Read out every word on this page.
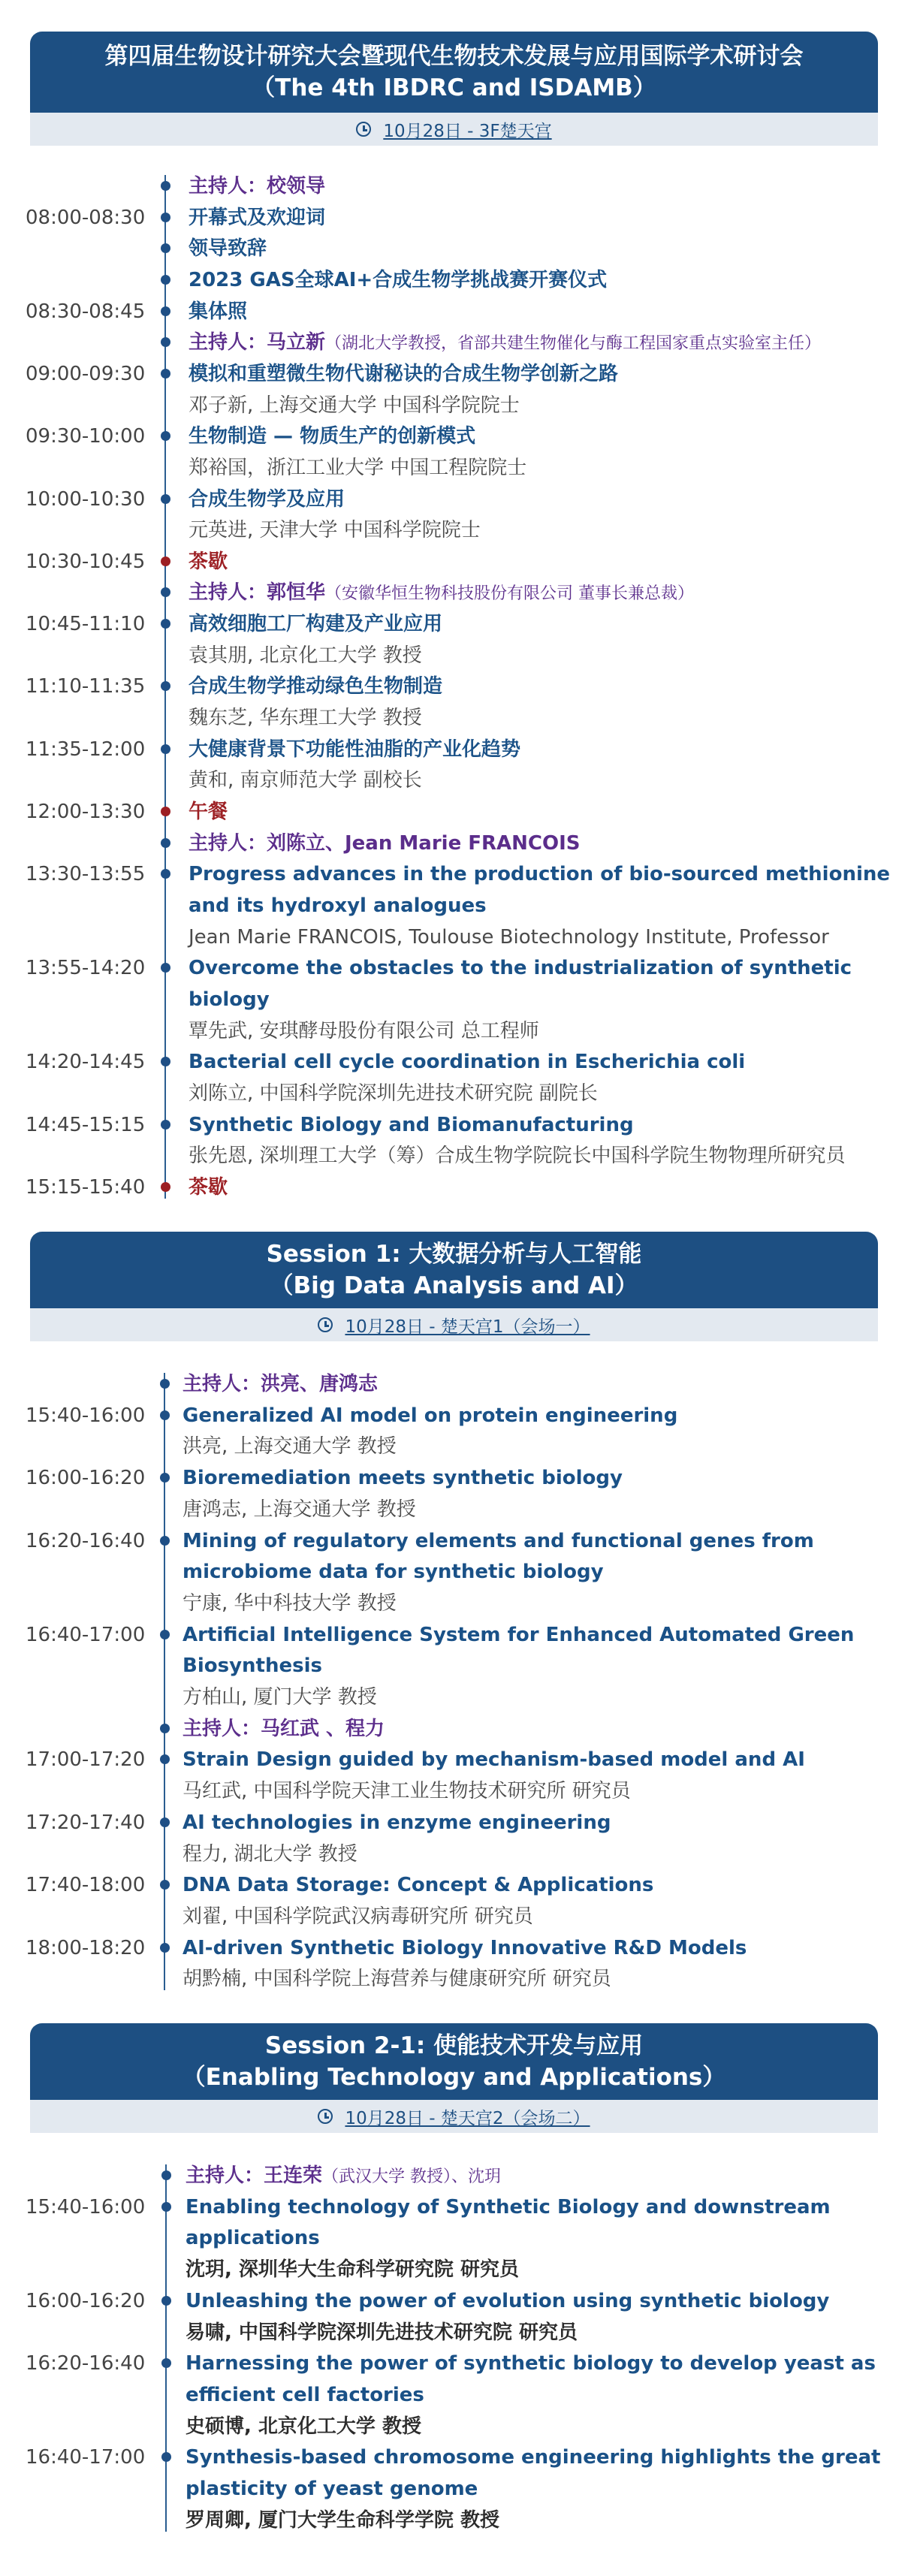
第四届生物设计研究大会暨现代生物技术发展与应用国际学术研讨会
（The 4th IBDRC and ISDAMB）
10月28日 - 3F楚天宫
主持人：校领导
08:00-08:30	开幕式及欢迎词
领导致辞
2023 GAS全球AI+合成生物学挑战赛开赛仪式
08:30-08:45	集体照
主持人：马立新（湖北大学教授，省部共建生物催化与酶工程国家重点实验室主任）
09:00-09:30	模拟和重塑微生物代谢秘诀的合成生物学创新之路
邓子新, 上海交通大学 中国科学院院士
09:30-10:00	生物制造 — 物质生产的创新模式
郑裕国，浙江工业大学 中国工程院院士
10:00-10:30	合成生物学及应用
元英进, 天津大学 中国科学院院士
10:30-10:45	茶歇
主持人：郭恒华（安徽华恒生物科技股份有限公司 董事长兼总裁）
10:45-11:10	高效细胞工厂构建及产业应用
袁其朋, 北京化工大学 教授
11:10-11:35	合成生物学推动绿色生物制造
魏东芝, 华东理工大学 教授
11:35-12:00	大健康背景下功能性油脂的产业化趋势
黄和, 南京师范大学 副校长
12:00-13:30	午餐
主持人：刘陈立、Jean Marie FRANCOIS
13:30-13:55	Progress advances in the production of bio-sourced methionine
and its hydroxyl analogues
Jean Marie FRANCOIS, Toulouse Biotechnology Institute, Professor
13:55-14:20	Overcome the obstacles to the industrialization of synthetic
biology
覃先武, 安琪酵母股份有限公司 总工程师
14:20-14:45	Bacterial cell cycle coordination in Escherichia coli
刘陈立, 中国科学院深圳先进技术研究院 副院长
14:45-15:15	Synthetic Biology and Biomanufacturing
张先恩, 深圳理工大学（筹）合成生物学院院长中国科学院生物物理所研究员
15:15-15:40	茶歇
Session 1: 大数据分析与人工智能
（Big Data Analysis and AI）
10月28日 - 楚天宫1（会场一）
主持人：洪亮、唐鸿志
15:40-16:00	Generalized AI model on protein engineering
洪亮, 上海交通大学 教授
16:00-16:20	Bioremediation meets synthetic biology
唐鸿志, 上海交通大学 教授
16:20-16:40	Mining of regulatory elements and functional genes from
microbiome data for synthetic biology
宁康, 华中科技大学 教授
16:40-17:00	Artificial Intelligence System for Enhanced Automated Green
Biosynthesis
方柏山, 厦门大学 教授
主持人：马红武 、程力
17:00-17:20	Strain Design guided by mechanism-based model and AI
马红武, 中国科学院天津工业生物技术研究所 研究员
17:20-17:40	AI technologies in enzyme engineering
程力, 湖北大学 教授
17:40-18:00	DNA Data Storage: Concept & Applications
刘翟, 中国科学院武汉病毒研究所 研究员
18:00-18:20	AI-driven Synthetic Biology Innovative R&D Models
胡黔楠, 中国科学院上海营养与健康研究所 研究员
Session 2-1: 使能技术开发与应用
（Enabling Technology and Applications）
10月28日 - 楚天宫2（会场二）
主持人：王连荣（武汉大学 教授）、沈玥
15:40-16:00	Enabling technology of Synthetic Biology and downstream
applications
沈玥, 深圳华大生命科学研究院 研究员
16:00-16:20	Unleashing the power of evolution using synthetic biology
易啸, 中国科学院深圳先进技术研究院 研究员
16:20-16:40	Harnessing the power of synthetic biology to develop yeast as
efficient cell factories
史硕博, 北京化工大学 教授
16:40-17:00	Synthesis-based chromosome engineering highlights the great
plasticity of yeast genome
罗周卿, 厦门大学生命科学学院 教授
